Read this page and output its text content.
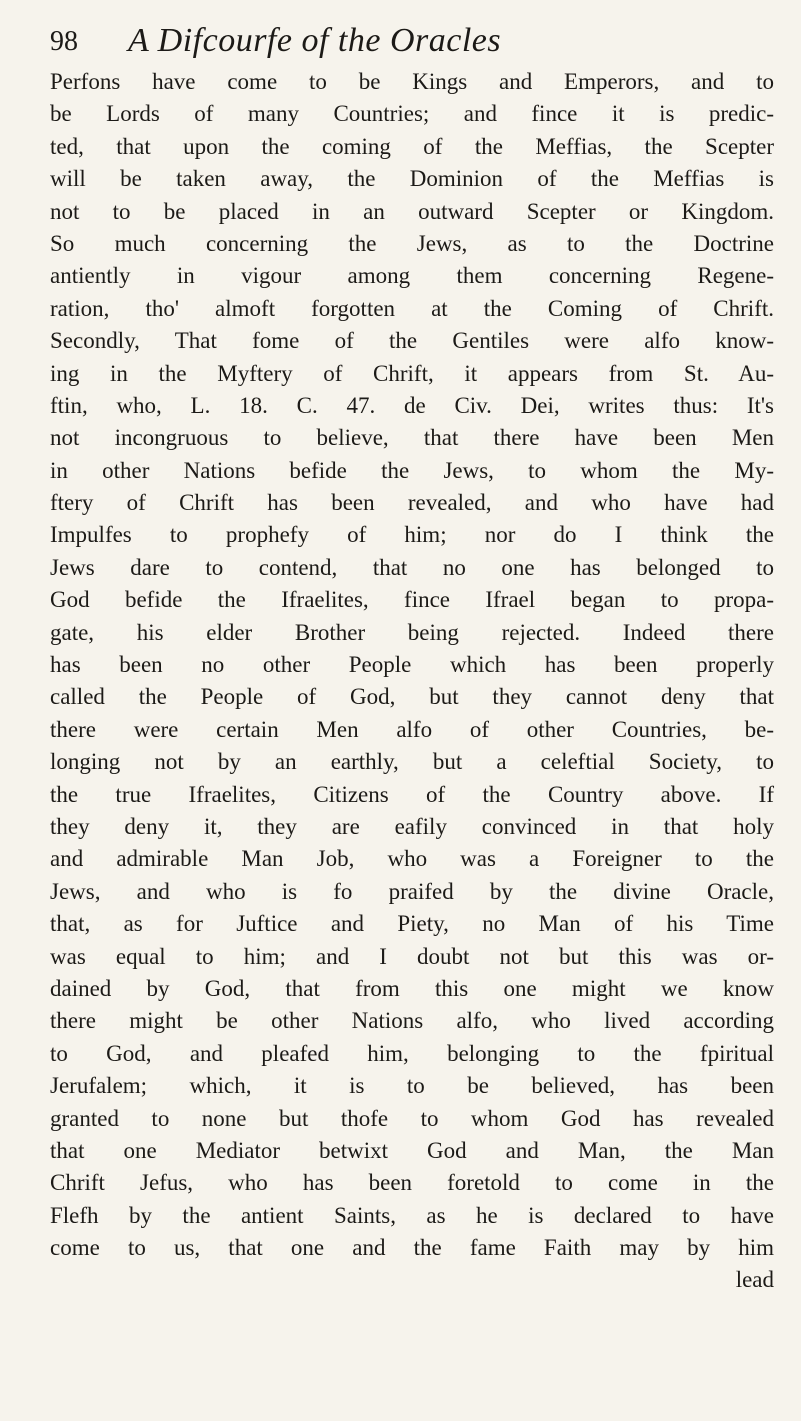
98 A Difcourfe of the Oracles
Perfons have come to be Kings and Emperors, and to
be Lords of many Countries; and fince it is predic-
ted, that upon the coming of the Meffias, the Scepter
will be taken away, the Dominion of the Meffias is
not to be placed in an outward Scepter or Kingdom.
So much concerning the Jews, as to the Doctrine
antiently in vigour among them concerning Regene-
ration, tho' almoft forgotten at the Coming of Chrift.
Secondly, That fome of the Gentiles were alfo know-
ing in the Myftery of Chrift, it appears from St. Au-
ftin, who, L. 18. C. 47. de Civ. Dei, writes thus: It's
not incongruous to believe, that there have been Men
in other Nations befide the Jews, to whom the My-
ftery of Chrift has been revealed, and who have had
Impulfes to prophefy of him; nor do I think the
Jews dare to contend, that no one has belonged to
God befide the Ifraelites, fince Ifrael began to propa-
gate, his elder Brother being rejected. Indeed there
has been no other People which has been properly
called the People of God, but they cannot deny that
there were certain Men alfo of other Countries, be-
longing not by an earthly, but a celeftial Society, to
the true Ifraelites, Citizens of the Country above. If
they deny it, they are eafily convinced in that holy
and admirable Man Job, who was a Foreigner to the
Jews, and who is fo praifed by the divine Oracle,
that, as for Juftice and Piety, no Man of his Time
was equal to him; and I doubt not but this was or-
dained by God, that from this one might we know
there might be other Nations alfo, who lived according
to God, and pleafed him, belonging to the fpiritual
Jerufalem; which, it is to be believed, has been
granted to none but thofe to whom God has revealed
that one Mediator betwixt God and Man, the Man
Chrift Jefus, who has been foretold to come in the
Flefh by the antient Saints, as he is declared to have
come to us, that one and the fame Faith may by him
lead
